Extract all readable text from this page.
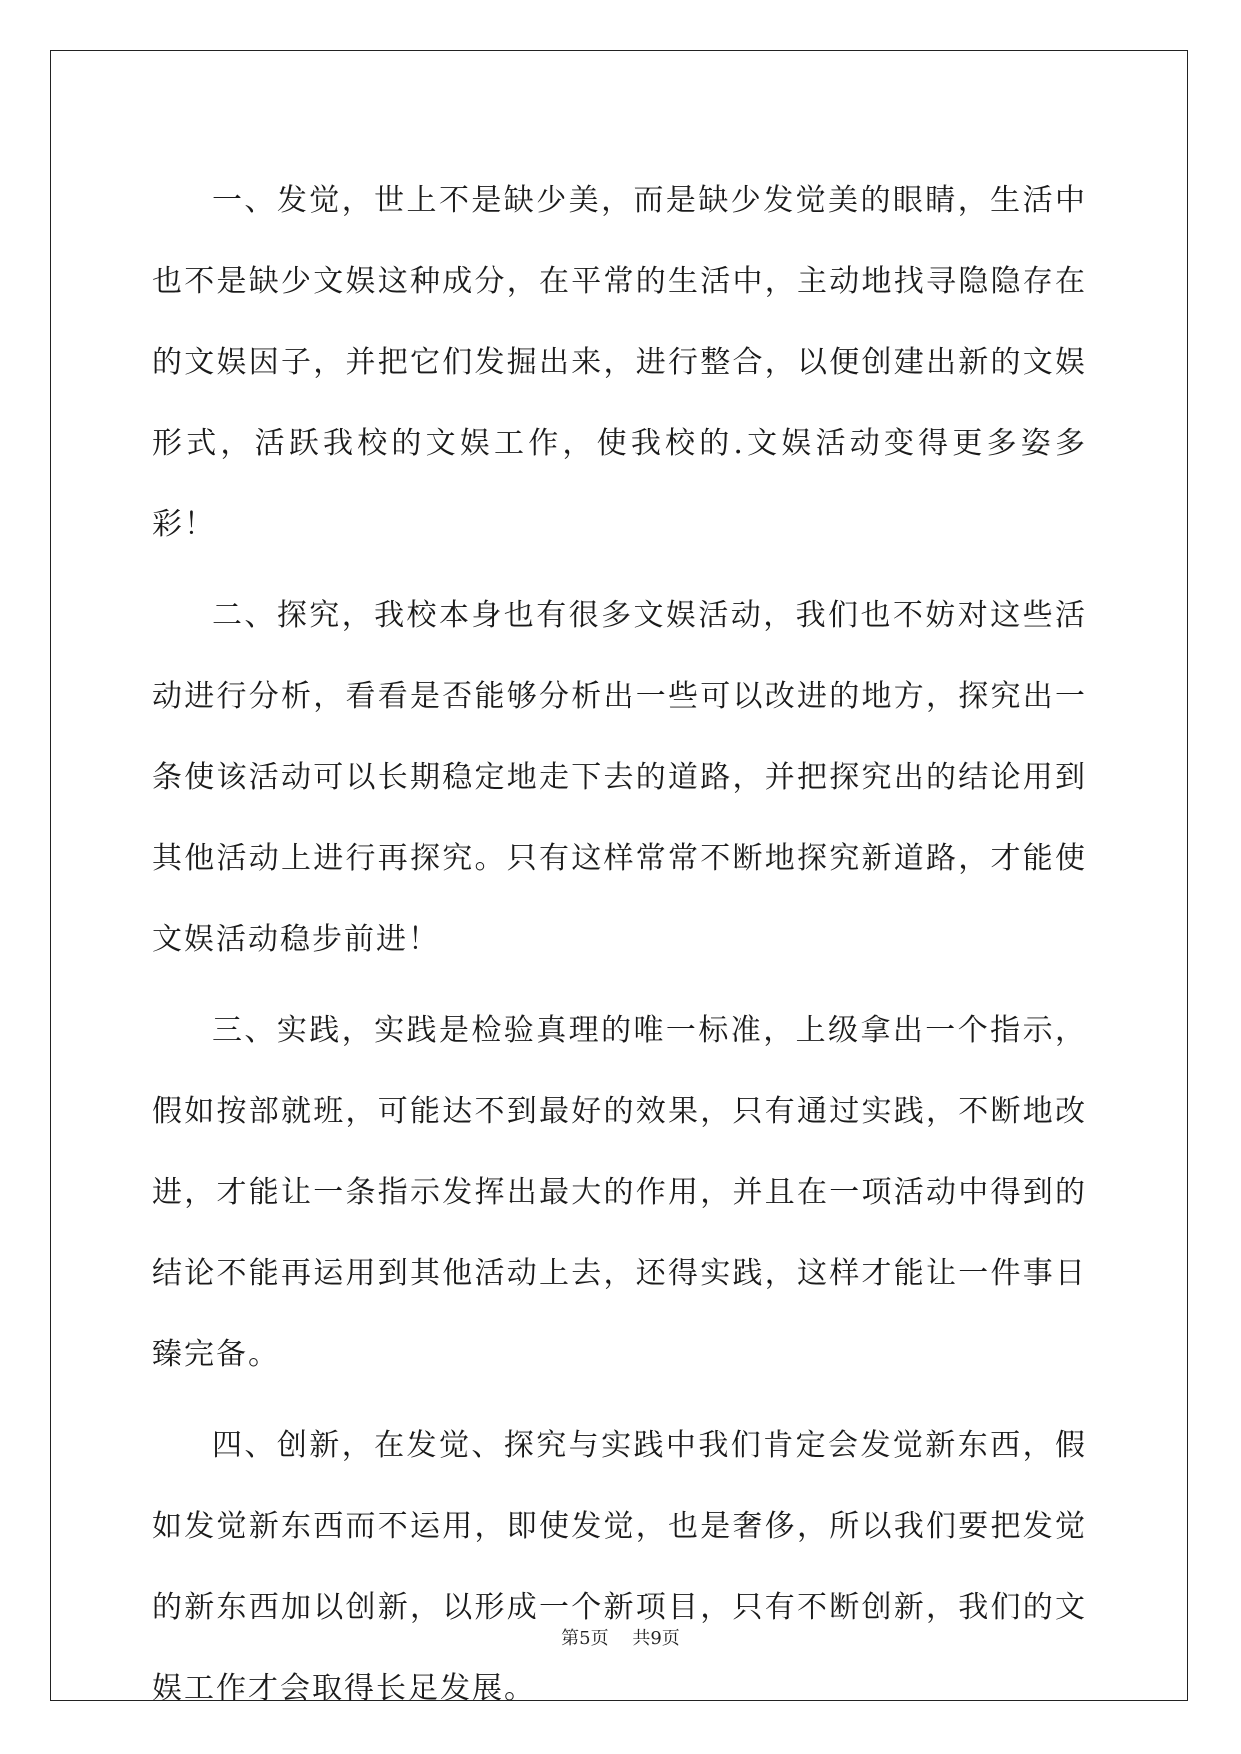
一、发觉，世上不是缺少美，而是缺少发觉美的眼睛，生活中也不是缺少文娱这种成分，在平常的生活中，主动地找寻隐隐存在的文娱因子，并把它们发掘出来，进行整合，以便创建出新的文娱形式，活跃我校的文娱工作，使我校的.文娱活动变得更多姿多彩！

二、探究，我校本身也有很多文娱活动，我们也不妨对这些活动进行分析，看看是否能够分析出一些可以改进的地方，探究出一条使该活动可以长期稳定地走下去的道路，并把探究出的结论用到其他活动上进行再探究。只有这样常常不断地探究新道路，才能使文娱活动稳步前进！

三、实践，实践是检验真理的唯一标准，上级拿出一个指示，假如按部就班，可能达不到最好的效果，只有通过实践，不断地改进，才能让一条指示发挥出最大的作用，并且在一项活动中得到的结论不能再运用到其他活动上去，还得实践，这样才能让一件事日臻完备。

四、创新，在发觉、探究与实践中我们肯定会发觉新东西，假如发觉新东西而不运用，即使发觉，也是奢侈，所以我们要把发觉的新东西加以创新，以形成一个新项目，只有不断创新，我们的文娱工作才会取得长足发展。

第5页 共9页
